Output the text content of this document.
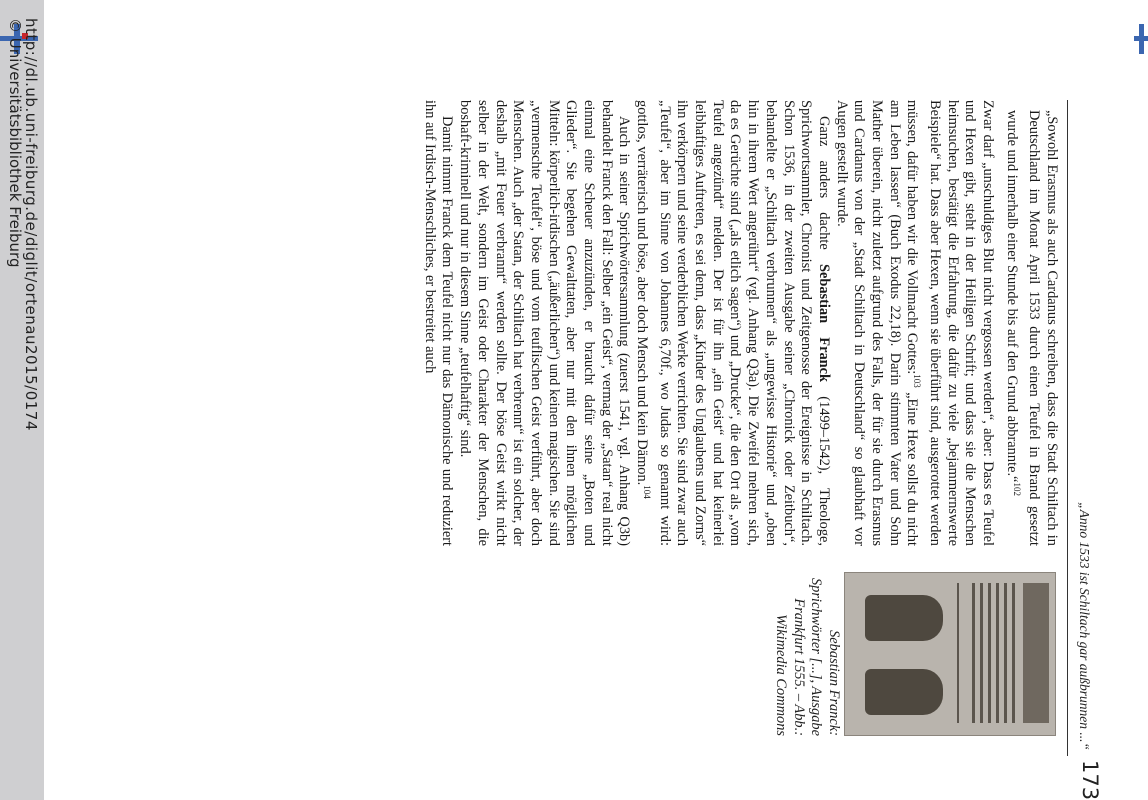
„Anno 1533 ist Schiltach gar außbrunnen ...“
173

„Sowohl Erasmus als auch Cardanus schreiben, dass die Stadt Schiltach in Deutschland im Monat April 1533 durch einen Teufel in Brand gesetzt wurde und innerhalb einer Stunde bis auf den Grund abbrannte.“$^{102}$

Zwar darf „unschuldiges Blut nicht vergossen werden“, aber: Dass es Teufel und Hexen gibt, steht in der Heiligen Schrift; und dass sie die Menschen heimsuchen, bestätigt die Erfahrung, die dafür zu viele „bejammernswerte Beispiele“ hat. Dass aber Hexen, wenn sie überführt sind, ausgerottet werden müssen, dafür haben wir die Vollmacht Gottes:$^{103}$ „Eine Hexe sollst du nicht am Leben lassen“ (Buch Exodus 22,18). Darin stimmten Vater und Sohn Mather überein, nicht zuletzt aufgrund des Falls, der für sie durch Erasmus und Cardanus von der „Stadt Schiltach in Deutschland“ so glaubhaft vor Augen gestellt wurde.

Ganz anders dachte Sebastian Franck (1499–1542), Theologe, Sprichwortsammler, Chronist und Zeitgenosse der Ereignisse in Schiltach. Schon 1536, in der zweiten Ausgabe seiner „Chronick oder Zeitbuch“, behandelte er „Schiltach verbrunnen“ als „ungewisse Historie“ und „oben hin in ihrem Wert angerührt“ (vgl. Anhang Q3a). Die Zweifel mehren sich, da es Gerüchte sind („als etlich sagen“) und „Drucke“, die den Ort als „vom Teufel angezündt“ melden. Der ist für ihn „ein Geist“ und hat keinerlei leibhaftiges Auftreten, es sei denn, dass „Kinder des Unglaubens und Zorns“ ihn verkörpern und seine verderblichen Werke verrichten. Sie sind zwar auch „Teufel“, aber im Sinne von Johannes 6,70f., wo Judas so genannt wird: gottlos, verräterisch und böse, aber doch Mensch und kein Dämon.$^{104}$

Auch in seiner Sprichwörtersammlung (zuerst 1541, vgl. Anhang Q3b) behandelt Franck den Fall: Selber „ein Geist“, vermag der „Satan“ real nicht einmal eine Scheuer anzuzünden, er braucht dafür seine „Boten und Glieder“. Sie begehen Gewalttaten, aber nur mit den ihnen möglichen Mitteln: körperlich-irdischen („äußerlichen“) und keinen magischen. Sie sind „vermenschte Teufel“, böse und vom teuflischen Geist verführt, aber doch Menschen. Auch „der Satan, der Schiltach hat verbrennt“ ist ein solcher, der deshalb „mit Feuer verbrannt“ werden sollte. Der böse Geist wirkt nicht selber in der Welt, sondern im Geist oder Charakter der Menschen, die boshaft-kriminell und nur in diesem Sinne „teufelhaftig“ sind.

Damit nimmt Franck dem Teufel nicht nur das Dämonische und reduziert ihn auf Irdisch-Menschliches, er bestreitet auch

Sebastian Franck: Sprichwörter [...], Ausgabe Frankfurt 1555. – Abb.: Wikimedia Commons
http://dl.ub.uni-freiburg.de/diglit/ortenau2015/0174
© Universitätsbibliothek Freiburg
